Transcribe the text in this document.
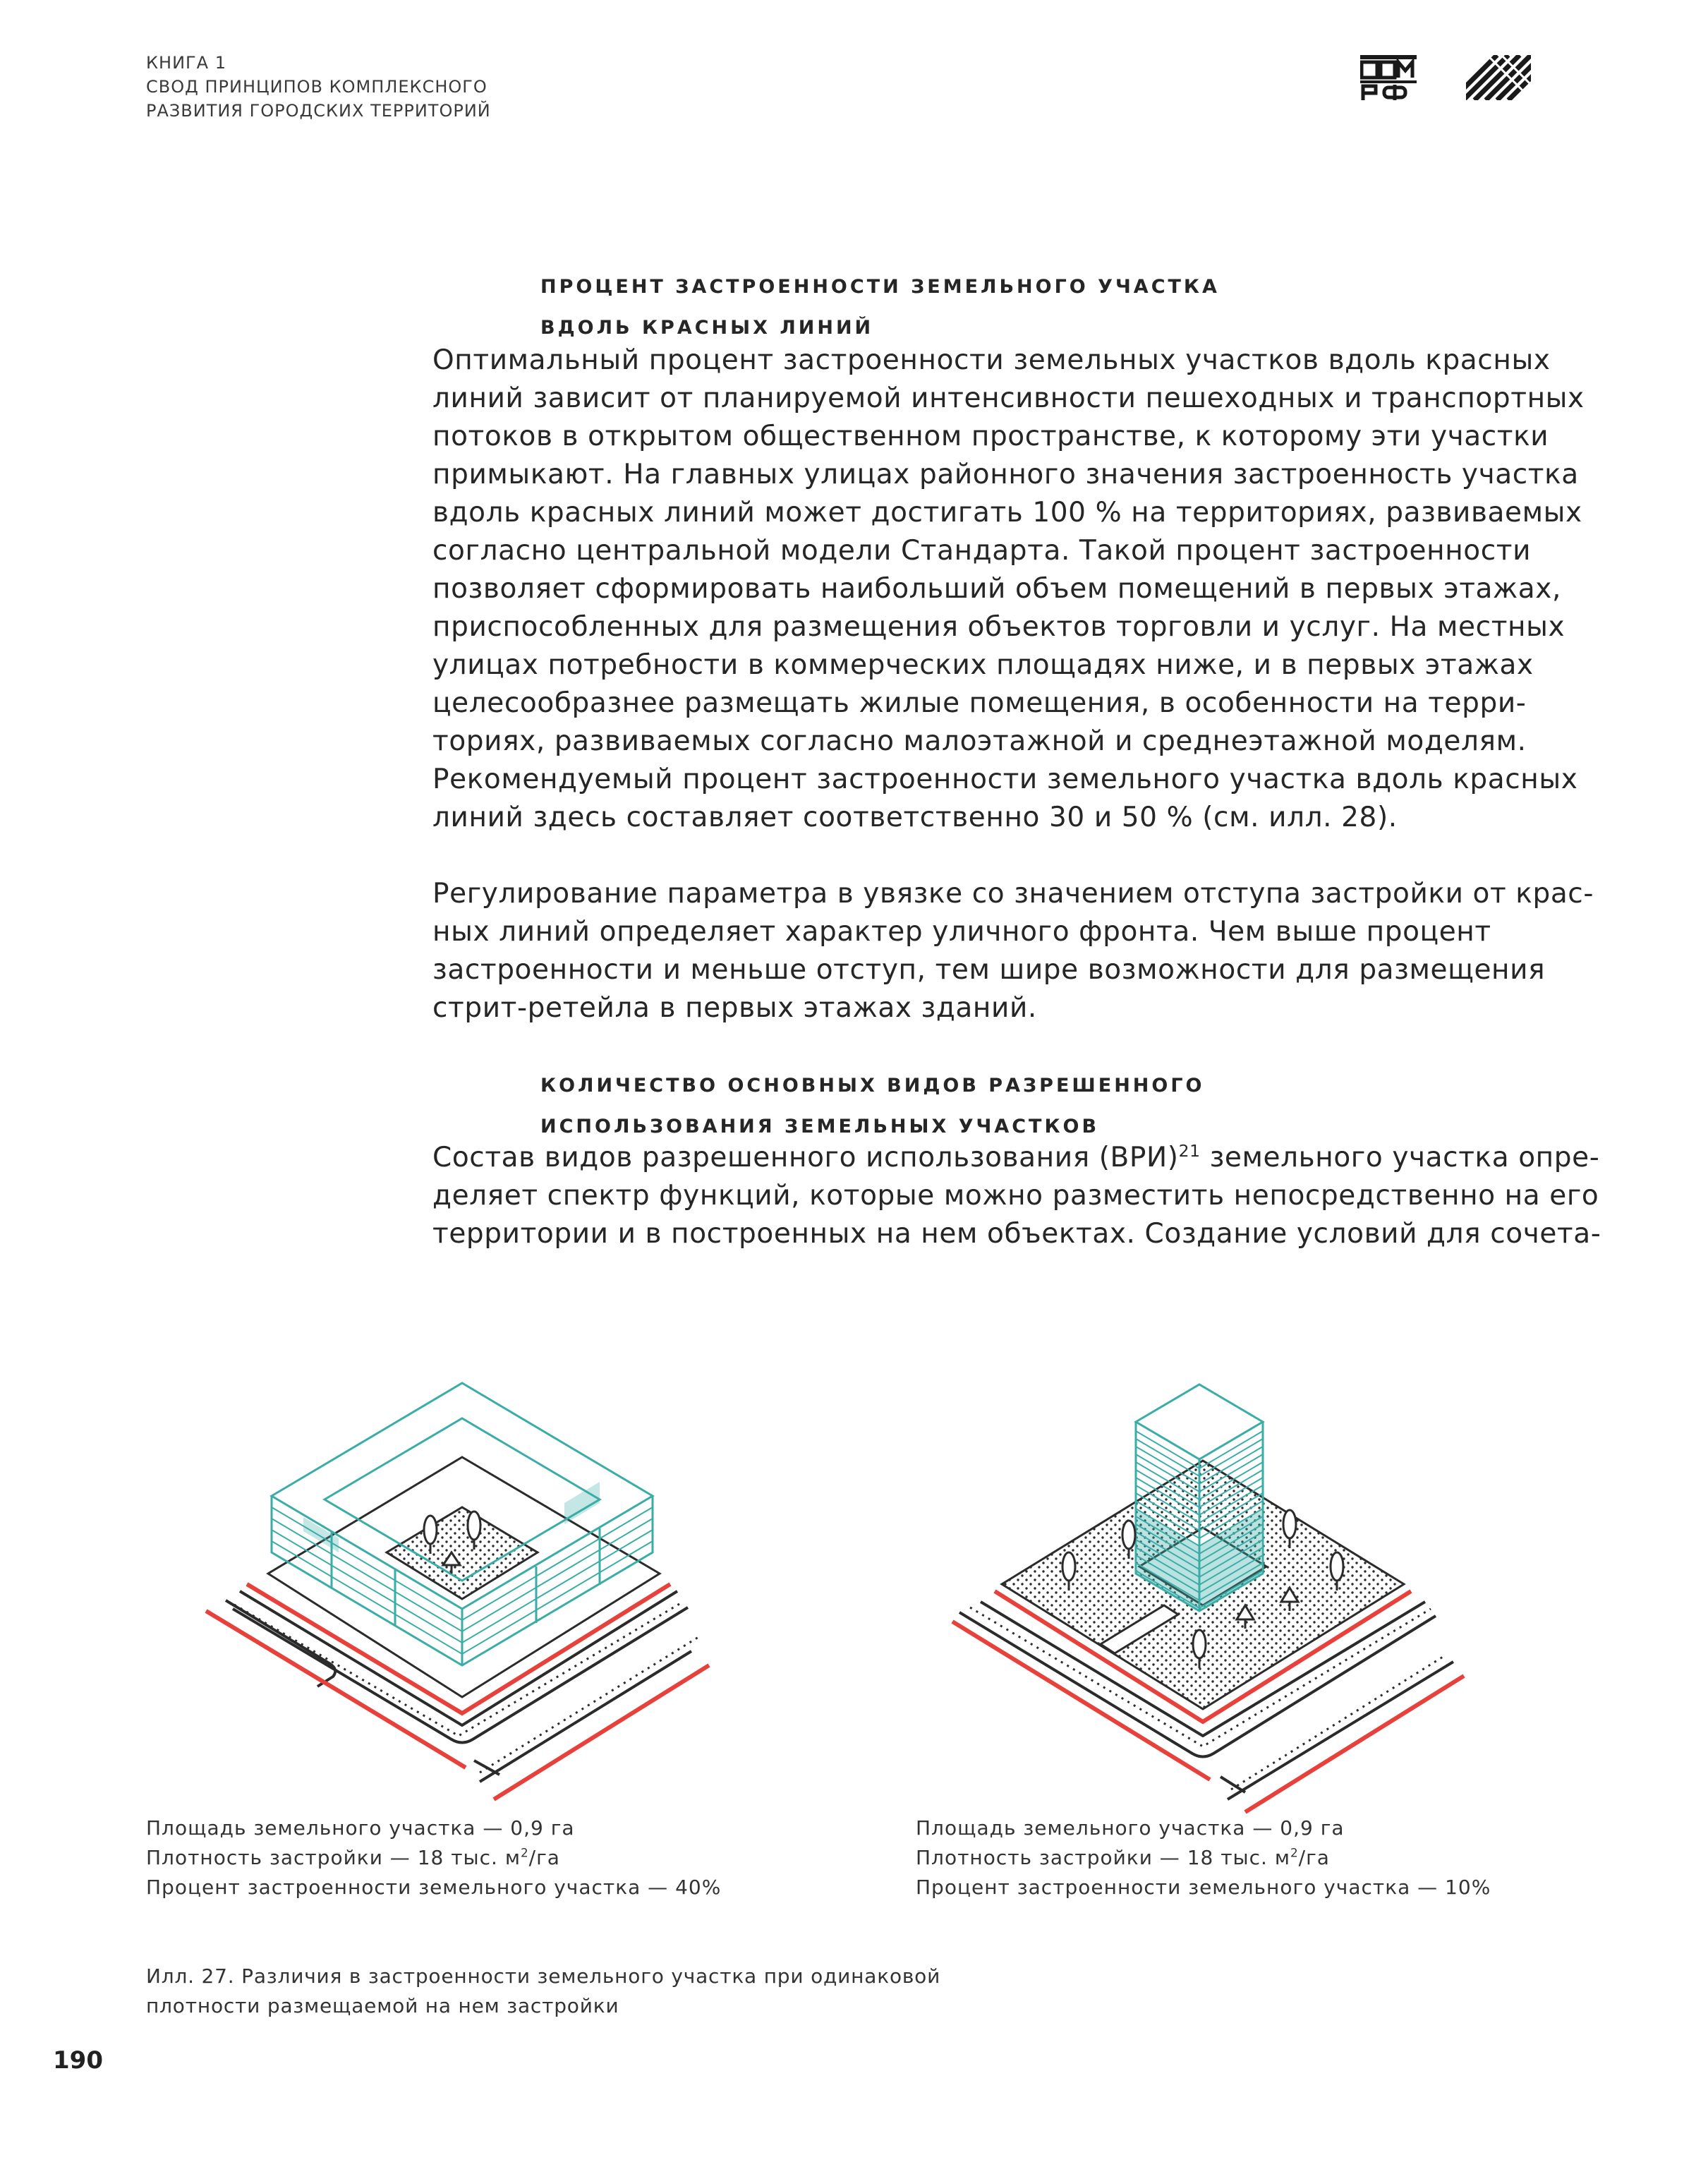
КНИГА 1
СВОД ПРИНЦИПОВ КОМПЛЕКСНОГО
РАЗВИТИЯ ГОРОДСКИХ ТЕРРИТОРИЙ
ПРОЦЕНТ ЗАСТРОЕННОСТИ ЗЕМЕЛЬНОГО УЧАСТКА
ВДОЛЬ КРАСНЫХ ЛИНИЙ
Оптимальный процент застроенности земельных участков вдоль красных
линий зависит от планируемой интенсивности пешеходных и транспортных
потоков в открытом общественном пространстве, к которому эти участки
примыкают. На главных улицах районного значения застроенность участка
вдоль красных линий может достигать 100 % на территориях, развиваемых
согласно центральной модели Стандарта. Такой процент застроенности
позволяет сформировать наибольший объем помещений в первых этажах,
приспособленных для размещения объектов торговли и услуг. На местных
улицах потребности в коммерческих площадях ниже, и в первых этажах
целесообразнее размещать жилые помещения, в особенности на терри-
ториях, развиваемых согласно малоэтажной и среднеэтажной моделям.
Рекомендуемый процент застроенности земельного участка вдоль красных
линий здесь составляет соответственно 30 и 50 % (см. илл. 28).
Регулирование параметра в увязке со значением отступа застройки от крас-
ных линий определяет характер уличного фронта. Чем выше процент
застроенности и меньше отступ, тем шире возможности для размещения
стрит-ретейла в первых этажах зданий.
КОЛИЧЕСТВО ОСНОВНЫХ ВИДОВ РАЗРЕШЕННОГО
ИСПОЛЬЗОВАНИЯ ЗЕМЕЛЬНЫХ УЧАСТКОВ
Состав видов разрешенного использования (ВРИ)$^{21}$ земельного участка опре-
деляет спектр функций, которые можно разместить непосредственно на его
территории и в построенных на нем объектах. Создание условий для сочета-
Площадь земельного участка — 0,9 га
Плотность застройки — 18 тыс. $м^2/га$
Процент застроенности земельного участка — 40%
Площадь земельного участка — 0,9 га
Плотность застройки — 18 тыс. $м^2/га$
Процент застроенности земельного участка — 10%
Илл. 27. Различия в застроенности земельного участка при одинаковой
плотности размещаемой на нем застройки
190
